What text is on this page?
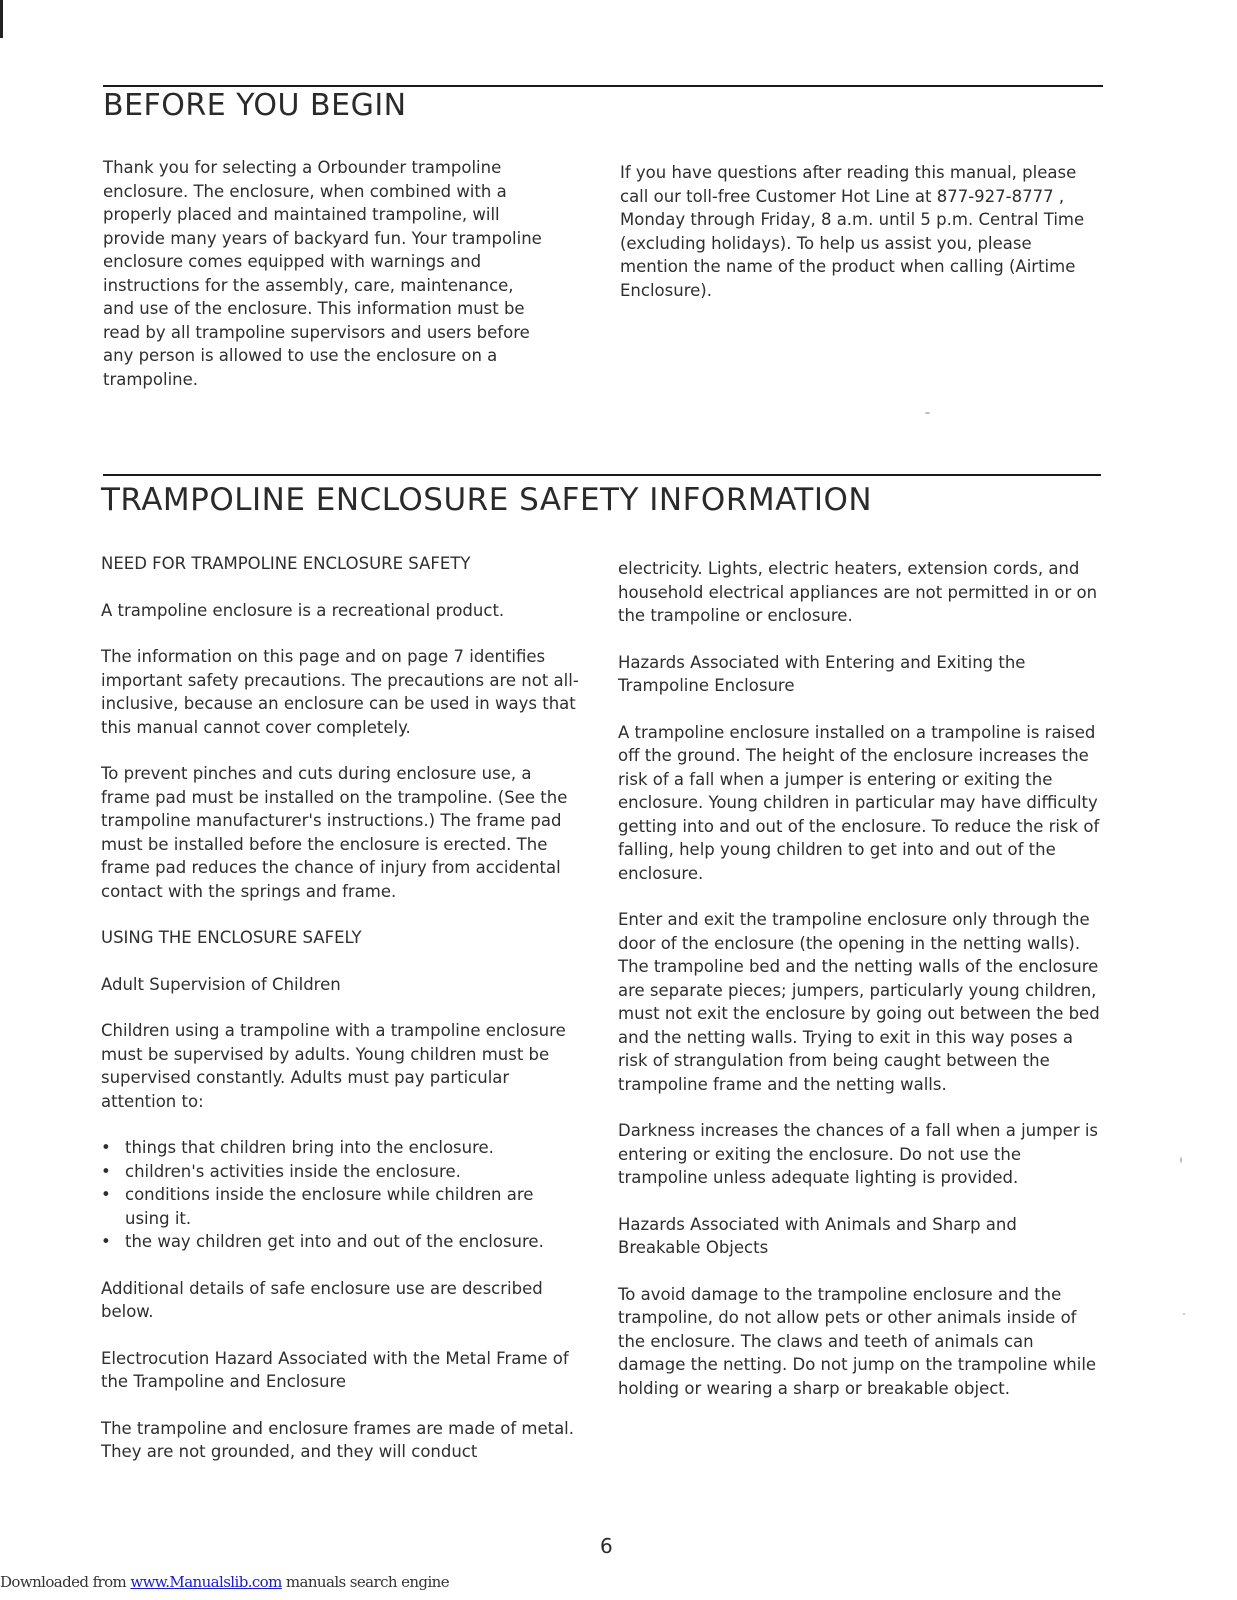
BEFORE YOU BEGIN

Thank you for selecting a Orbounder trampoline enclosure. The enclosure, when combined with a properly placed and maintained trampoline, will provide many years of backyard fun. Your trampoline enclosure comes equipped with warnings and instructions for the assembly, care, maintenance, and use of the enclosure. This information must be read by all trampoline supervisors and users before any person is allowed to use the enclosure on a trampoline.

If you have questions after reading this manual, please call our toll-free Customer Hot Line at 877-927-8777 , Monday through Friday, 8 a.m. until 5 p.m. Central Time (excluding holidays). To help us assist you, please mention the name of the product when calling (Airtime Enclosure).

TRAMPOLINE ENCLOSURE SAFETY INFORMATION
NEED FOR TRAMPOLINE ENCLOSURE SAFETY

A trampoline enclosure is a recreational product.

The information on this page and on page 7 identifies important safety precautions. The precautions are not all-inclusive, because an enclosure can be used in ways that this manual cannot cover completely.

To prevent pinches and cuts during enclosure use, a frame pad must be installed on the trampoline. (See the trampoline manufacturer's instructions.) The frame pad must be installed before the enclosure is erected. The frame pad reduces the chance of injury from accidental contact with the springs and frame.

USING THE ENCLOSURE SAFELY
Adult Supervision of Children

Children using a trampoline with a trampoline enclosure must be supervised by adults. Young children must be supervised constantly. Adults must pay particular attention to:

• things that children bring into the enclosure.
• children's activities inside the enclosure.
• conditions inside the enclosure while children are using it.
• the way children get into and out of the enclosure.

Additional details of safe enclosure use are described below.

Electrocution Hazard Associated with the Metal Frame of the Trampoline and Enclosure

The trampoline and enclosure frames are made of metal. They are not grounded, and they will conduct

electricity. Lights, electric heaters, extension cords, and household electrical appliances are not permitted in or on the trampoline or enclosure.

Hazards Associated with Entering and Exiting the Trampoline Enclosure

A trampoline enclosure installed on a trampoline is raised off the ground. The height of the enclosure increases the risk of a fall when a jumper is entering or exiting the enclosure. Young children in particular may have difficulty getting into and out of the enclosure. To reduce the risk of falling, help young children to get into and out of the enclosure.

Enter and exit the trampoline enclosure only through the door of the enclosure (the opening in the netting walls). The trampoline bed and the netting walls of the enclosure are separate pieces; jumpers, particularly young children, must not exit the enclosure by going out between the bed and the netting walls. Trying to exit in this way poses a risk of strangulation from being caught between the trampoline frame and the netting walls.

Darkness increases the chances of a fall when a jumper is entering or exiting the enclosure. Do not use the trampoline unless adequate lighting is provided.

Hazards Associated with Animals and Sharp and Breakable Objects

To avoid damage to the trampoline enclosure and the trampoline, do not allow pets or other animals inside of the enclosure. The claws and teeth of animals can damage the netting. Do not jump on the trampoline while holding or wearing a sharp or breakable object.

6
Downloaded from www.Manualslib.com manuals search engine
